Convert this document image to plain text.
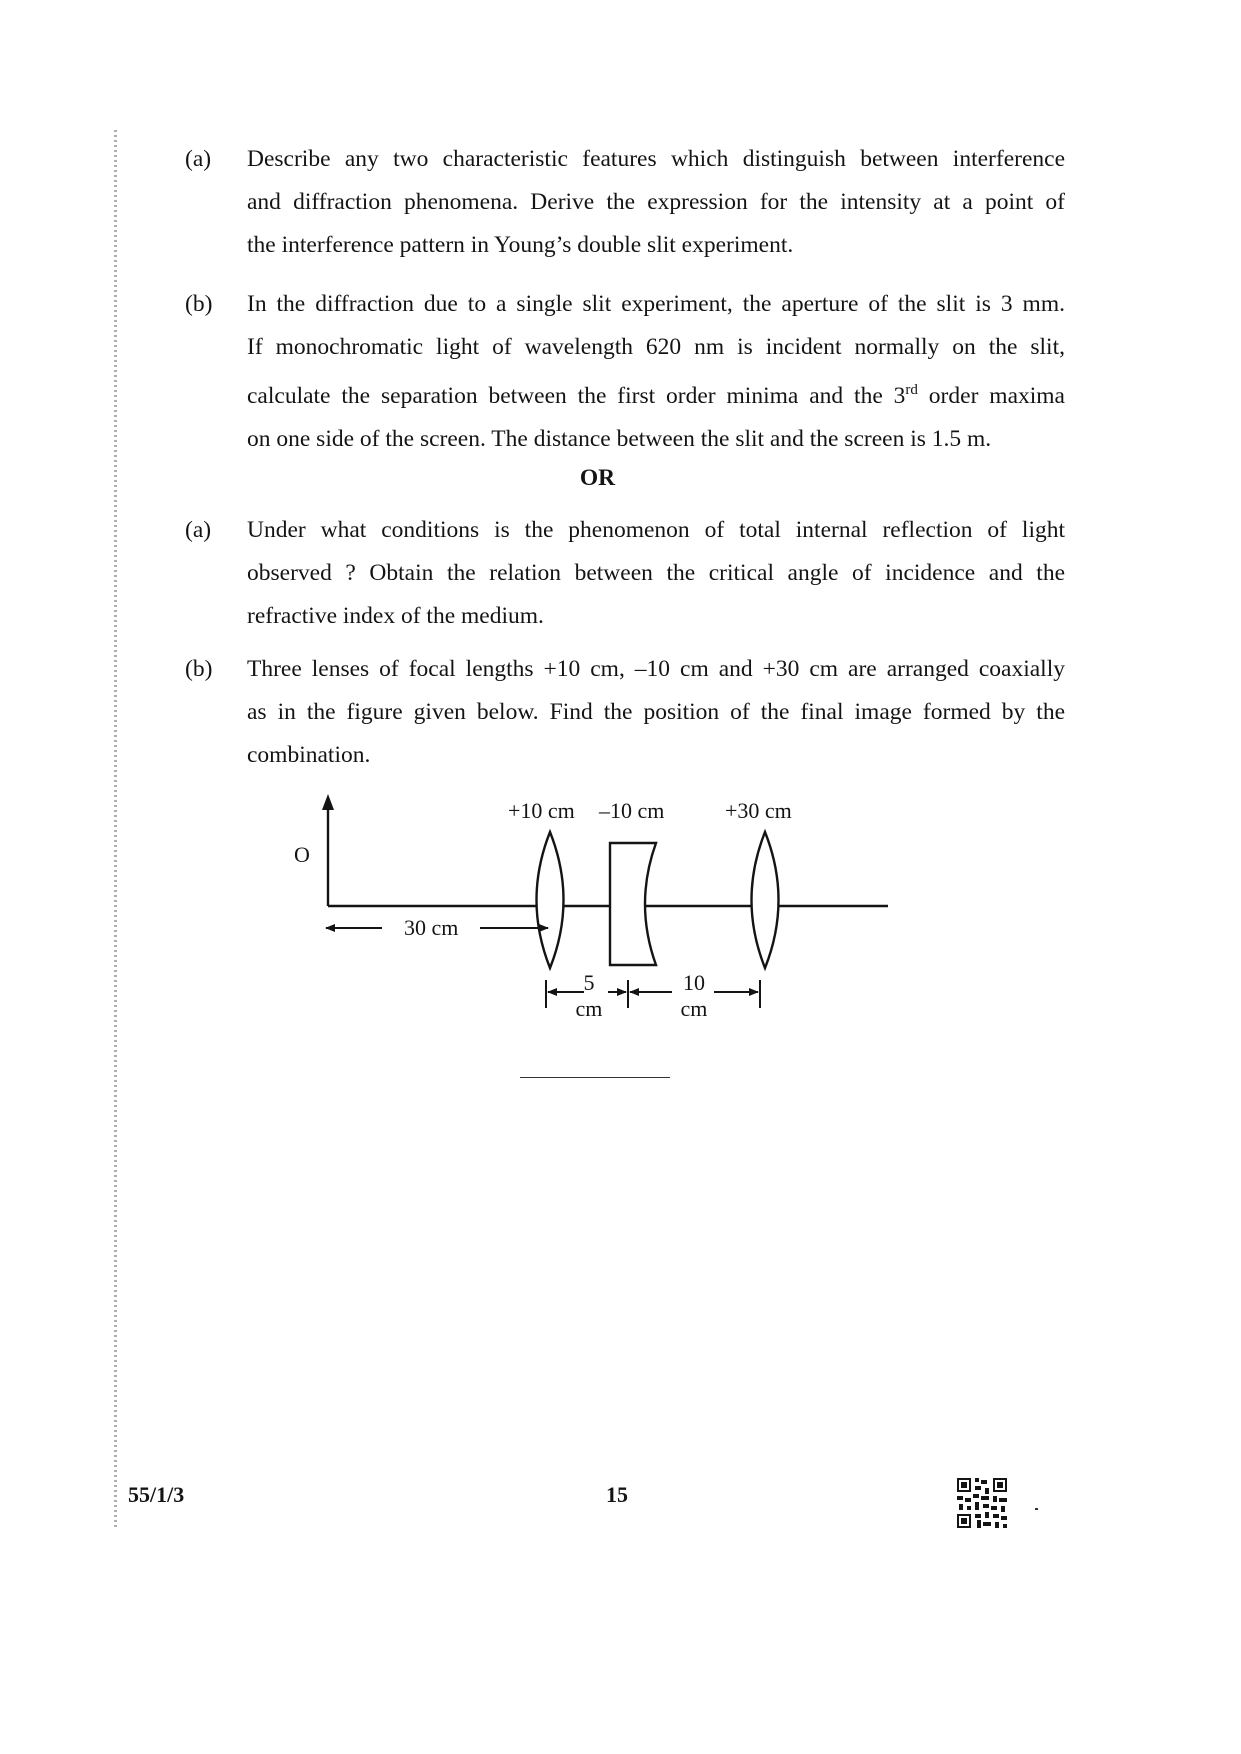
(a)	Describe any two characteristic features which distinguish between interference
and diffraction phenomena. Derive the expression for the intensity at a point of
the interference pattern in Young’s double slit experiment.
(b)	In the diffraction due to a single slit experiment, the aperture of the slit is 3 mm.
If monochromatic light of wavelength 620 nm is incident normally on the slit,
calculate the separation between the first order minima and the 3rd order maxima
on one side of the screen. The distance between the slit and the screen is 1.5 m.
OR
(a)	Under what conditions is the phenomenon of total internal reflection of light
observed ? Obtain the relation between the critical angle of incidence and the
refractive index of the medium.
(b)	Three lenses of focal lengths +10 cm, –10 cm and +30 cm are arranged coaxially
as in the figure given below. Find the position of the final image formed by the
combination.
O
+10 cm –10 cm	+30 cm
30 cm
5
cm
10
cm
55/1/3	15
